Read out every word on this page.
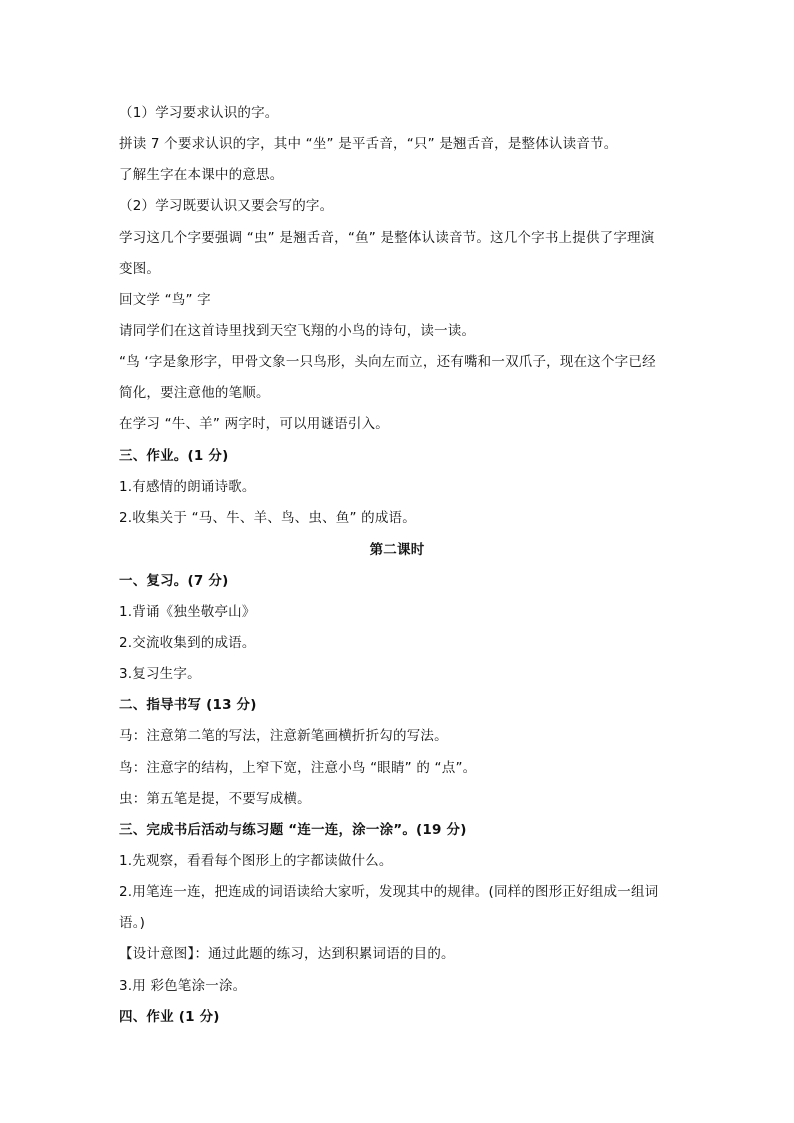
（1）学习要求认识的字。
拼读 7 个要求认识的字，其中 “坐” 是平舌音，“只” 是翘舌音，是整体认读音节。
了解生字在本课中的意思。
（2）学习既要认识又要会写的字。
学习这几个字要强调 “虫” 是翘舌音，“鱼” 是整体认读音节。这几个字书上提供了字理演
变图。
回文学 “鸟” 字
请同学们在这首诗里找到天空飞翔的小鸟的诗句，读一读。
“鸟 ‘字是象形字，甲骨文象一只鸟形，头向左而立，还有嘴和一双爪子，现在这个字已经
简化，要注意他的笔顺。
在学习 “牛、羊” 两字时，可以用谜语引入。
三、作业。(1 分)
1.有感情的朗诵诗歌。
2.收集关于 “马、牛、羊、鸟、虫、鱼” 的成语。
第二课时
一、复习。(7 分)
1.背诵《独坐敬亭山》
2.交流收集到的成语。
3.复习生字。
二、指导书写 (13 分)
马：注意第二笔的写法，注意新笔画横折折勾的写法。
鸟：注意字的结构，上窄下宽，注意小鸟 “眼睛” 的 “点”。
虫：第五笔是提，不要写成横。
三、完成书后活动与练习题 “连一连，涂一涂”。(19 分)
1.先观察，看看每个图形上的字都读做什么。
2.用笔连一连，把连成的词语读给大家听，发现其中的规律。(同样的图形正好组成一组词
语。)
【设计意图】：通过此题的练习，达到积累词语的目的。
3.用 彩色笔涂一涂。
四、作业 (1 分)
